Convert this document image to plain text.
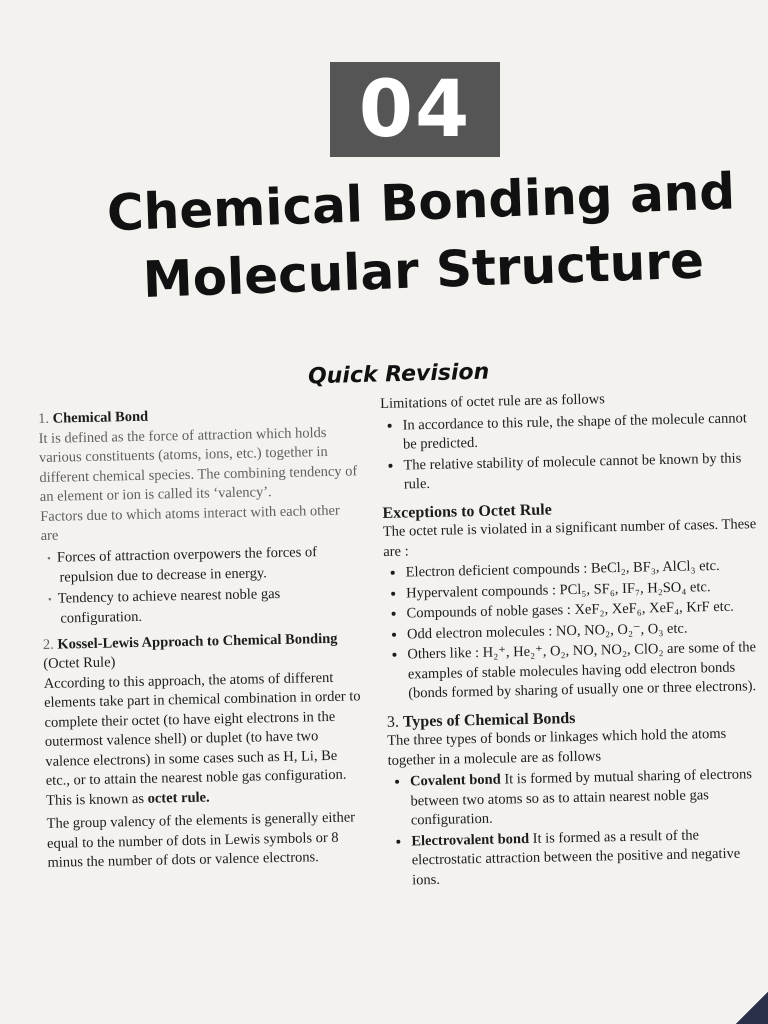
04
Chemical Bonding and
Molecular Structure
Quick Revision

1. Chemical Bond

It is defined as the force of attraction which holds various constituents (atoms, ions, etc.) together in different chemical species. The combining tendency of an element or ion is called its ‘valency’.

Factors due to which atoms interact with each other are

• Forces of attraction overpowers the forces of repulsion due to decrease in energy.
• Tendency to achieve nearest noble gas configuration.

2. Kossel-Lewis Approach to Chemical Bonding (Octet Rule)

According to this approach, the atoms of different elements take part in chemical combination in order to complete their octet (to have eight electrons in the outermost valence shell) or duplet (to have two valence electrons) in some cases such as H, Li, Be etc., or to attain the nearest noble gas configuration. This is known as octet rule.

The group valency of the elements is generally either equal to the number of dots in Lewis symbols or 8 minus the number of dots or valence electrons.

Limitations of octet rule are as follows

• In accordance to this rule, the shape of the molecule cannot be predicted.
• The relative stability of molecule cannot be known by this rule.

Exceptions to Octet Rule

The octet rule is violated in a significant number of cases. These are :

• Electron deficient compounds : BeCl₂, BF₃, AlCl₃ etc.
• Hypervalent compounds : PCl₅, SF₆, IF₇, H₂SO₄ etc.
• Compounds of noble gases : XeF₂, XeF₆, XeF₄, KrF etc.
• Odd electron molecules : NO, NO₂, O₂⁻, O₃ etc.
• Others like : H₂⁺, He₂⁺, O₂, NO, NO₂, ClO₂ are some of the examples of stable molecules having odd electron bonds (bonds formed by sharing of usually one or three electrons).

3. Types of Chemical Bonds

The three types of bonds or linkages which hold the atoms together in a molecule are as follows

• Covalent bond It is formed by mutual sharing of electrons between two atoms so as to attain nearest noble gas configuration.
• Electrovalent bond It is formed as a result of the electrostatic attraction between the positive and negative ions.
